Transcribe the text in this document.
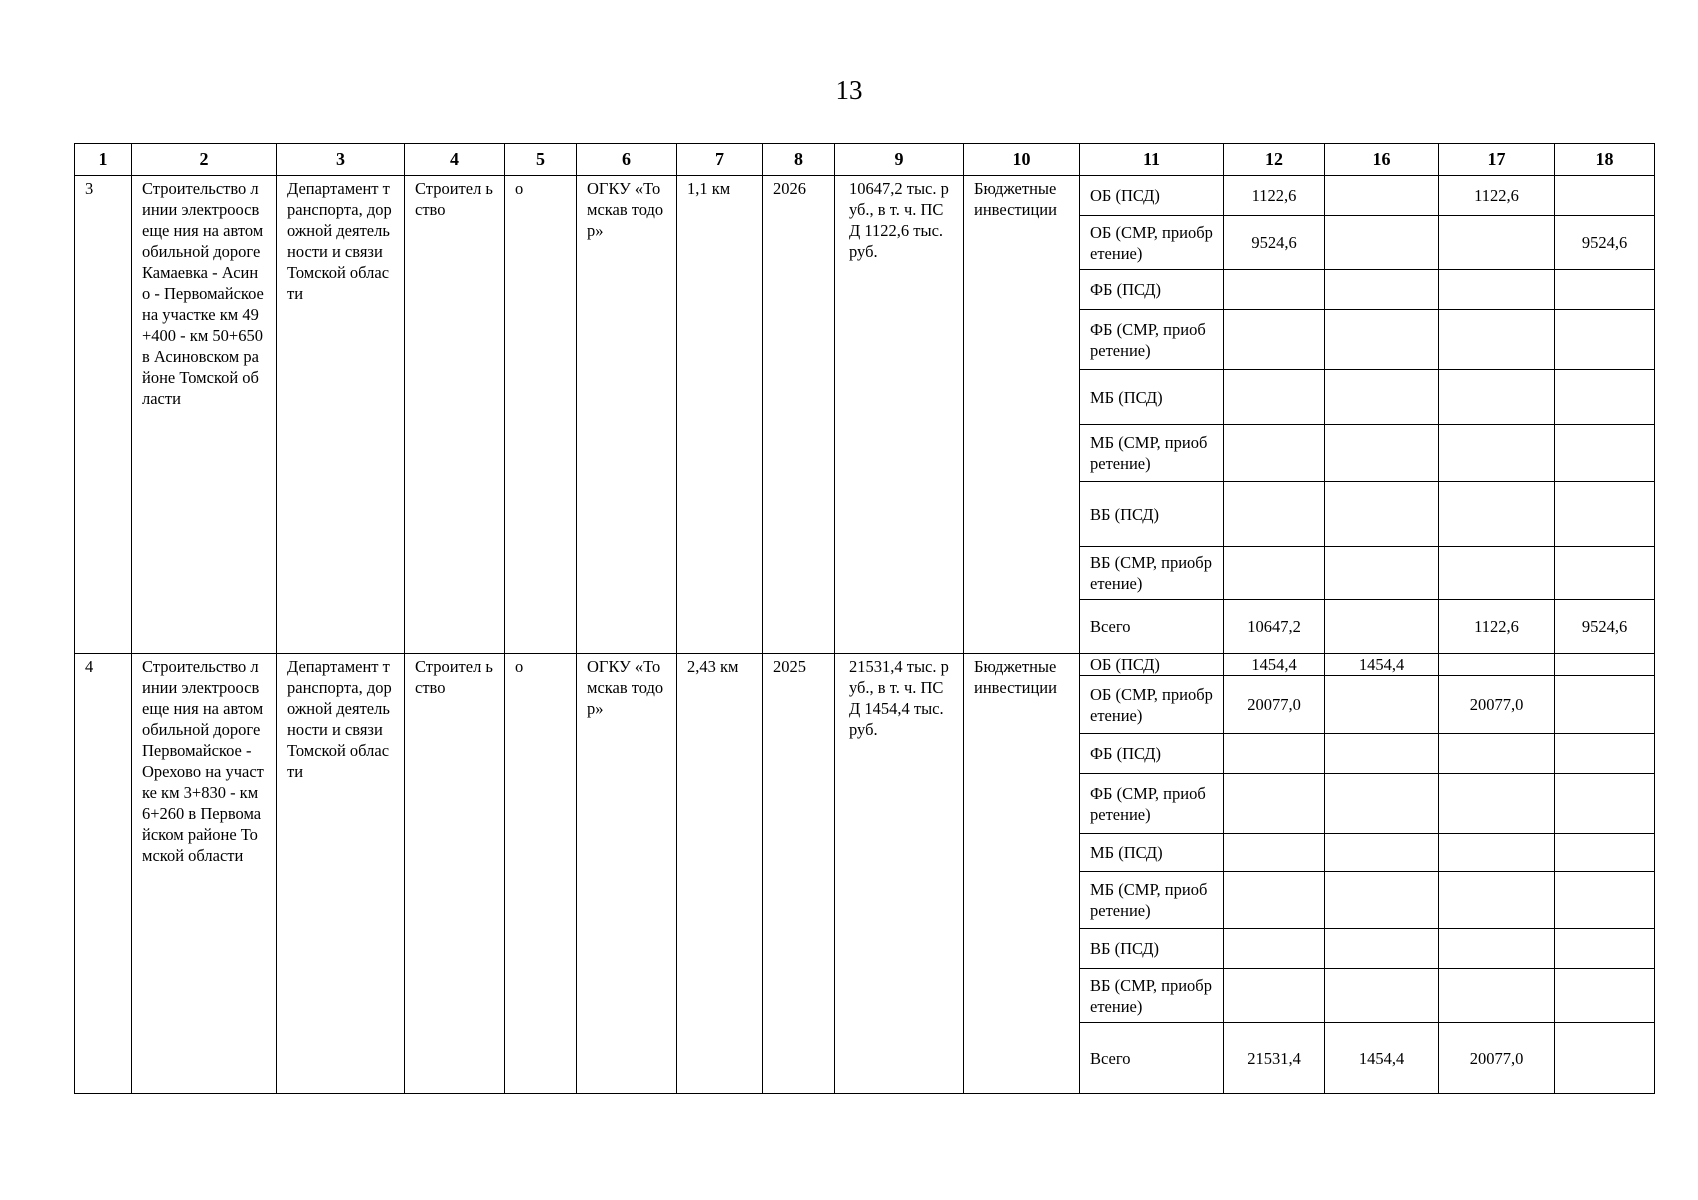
13
1	2	3	4	5	6	7	8	9	10	11	12	16	17	18
3	Строительство линии электроосвеще ния на автомобильной дороге Камаевка - Асино - Первомайское на участке км 49+400 - км 50+650 в Асиновском районе Томской области	Департамент транспорта, дорожной деятельности и связи Томской области	Строител ьство	о	ОГКУ «Томскав тодор»	1,1 км	2026	10647,2 тыс. руб., в т. ч. ПСД 1122,6 тыс. руб.	Бюджетные инвестиции	ОБ (ПСД)	1122,6		1122,6	
										ОБ (СМР, приобретение)	9524,6			9524,6
										ФБ (ПСД)				
										ФБ (СМР, приобретение)				
										МБ (ПСД)				
										МБ (СМР, приобретение)				
										ВБ (ПСД)				
										ВБ (СМР, приобретение)				
										Всего	10647,2		1122,6	9524,6
4	Строительство линии электроосвеще ния на автомобильной дороге Первомайское - Орехово на участке км 3+830 - км 6+260 в Первомайском районе Томской области	Департамент транспорта, дорожной деятельности и связи Томской области	Строител ьство	о	ОГКУ «Томскав тодор»	2,43 км	2025	21531,4 тыс. руб., в т. ч. ПСД 1454,4 тыс. руб.	Бюджетные инвестиции	ОБ (ПСД)	1454,4	1454,4		
										ОБ (СМР, приобретение)	20077,0		20077,0	
										ФБ (ПСД)				
										ФБ (СМР, приобретение)				
										МБ (ПСД)				
										МБ (СМР, приобретение)				
										ВБ (ПСД)				
										ВБ (СМР, приобретение)				
										Всего	21531,4	1454,4	20077,0	
